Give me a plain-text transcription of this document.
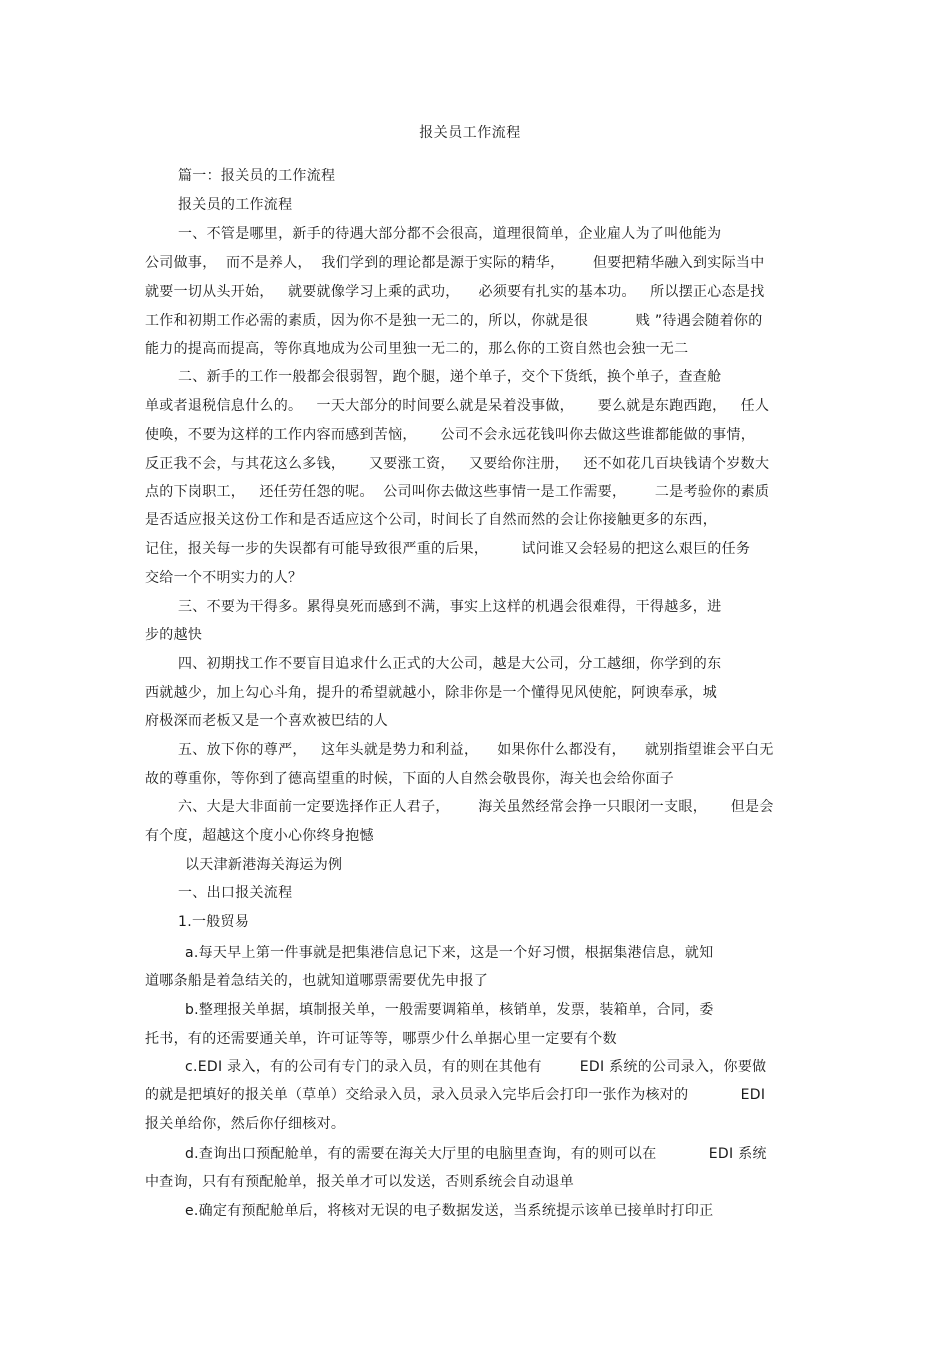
报关员工作流程
篇一：报关员的工作流程
报关员的工作流程
一、不管是哪里，新手的待遇大部分都不会很高，道理很简单，企业雇人为了叫他能为
公司做事，  而不是养人，  我们学到的理论都是源于实际的精华，      但要把精华融入到实际当中
就要一切从头开始，   就要就像学习上乘的武功，    必须要有扎实的基本功。   所以摆正心态是找
工作和初期工作必需的素质，因为你不是独一无二的，所以，你就是很          贱 ”待遇会随着你的
能力的提高而提高，等你真地成为公司里独一无二的，那么你的工资自然也会独一无二
二、新手的工作一般都会很弱智，跑个腿，递个单子，交个下货纸，换个单子，查查舱
单或者退税信息什么的。   一天大部分的时间要么就是呆着没事做，     要么就是东跑西跑，   任人
使唤，不要为这样的工作内容而感到苦恼，     公司不会永远花钱叫你去做这些谁都能做的事情，
反正我不会，与其花这么多钱，     又要涨工资，   又要给你注册，   还不如花几百块钱请个岁数大
点的下岗职工，   还任劳任怨的呢。  公司叫你去做这些事情一是工作需要，      二是考验你的素质
是否适应报关这份工作和是否适应这个公司，时间长了自然而然的会让你接触更多的东西，
记住，报关每一步的失误都有可能导致很严重的后果，       试问谁又会轻易的把这么艰巨的任务
交给一个不明实力的人？
三、不要为干得多。累得臭死而感到不满，事实上这样的机遇会很难得，干得越多，进
步的越快
四、初期找工作不要盲目追求什么正式的大公司，越是大公司，分工越细，你学到的东
西就越少，加上勾心斗角，提升的希望就越小，除非你是一个懂得见风使舵，阿谀奉承，城
府极深而老板又是一个喜欢被巴结的人
五、放下你的尊严，   这年头就是势力和利益，    如果你什么都没有，    就别指望谁会平白无
故的尊重你，等你到了德高望重的时候，下面的人自然会敬畏你，海关也会给你面子
六、大是大非面前一定要选择作正人君子，      海关虽然经常会挣一只眼闭一支眼，     但是会
有个度，超越这个度小心你终身抱憾
以天津新港海关海运为例
一、出口报关流程
1.一般贸易
a.每天早上第一件事就是把集港信息记下来，这是一个好习惯，根据集港信息，就知
道哪条船是着急结关的，也就知道哪票需要优先申报了
b.整理报关单据，填制报关单，一般需要调箱单，核销单，发票，装箱单，合同，委
托书，有的还需要通关单，许可证等等，哪票少什么单据心里一定要有个数
c.EDI 录入，有的公司有专门的录入员，有的则在其他有        EDI 系统的公司录入，你要做
的就是把填好的报关单（草单）交给录入员，录入员录入完毕后会打印一张作为核对的           EDI
报关单给你，然后你仔细核对。
d.查询出口预配舱单，有的需要在海关大厅里的电脑里查询，有的则可以在           EDI 系统
中查询，只有有预配舱单，报关单才可以发送，否则系统会自动退单
e.确定有预配舱单后，将核对无误的电子数据发送，当系统提示该单已接单时打印正
